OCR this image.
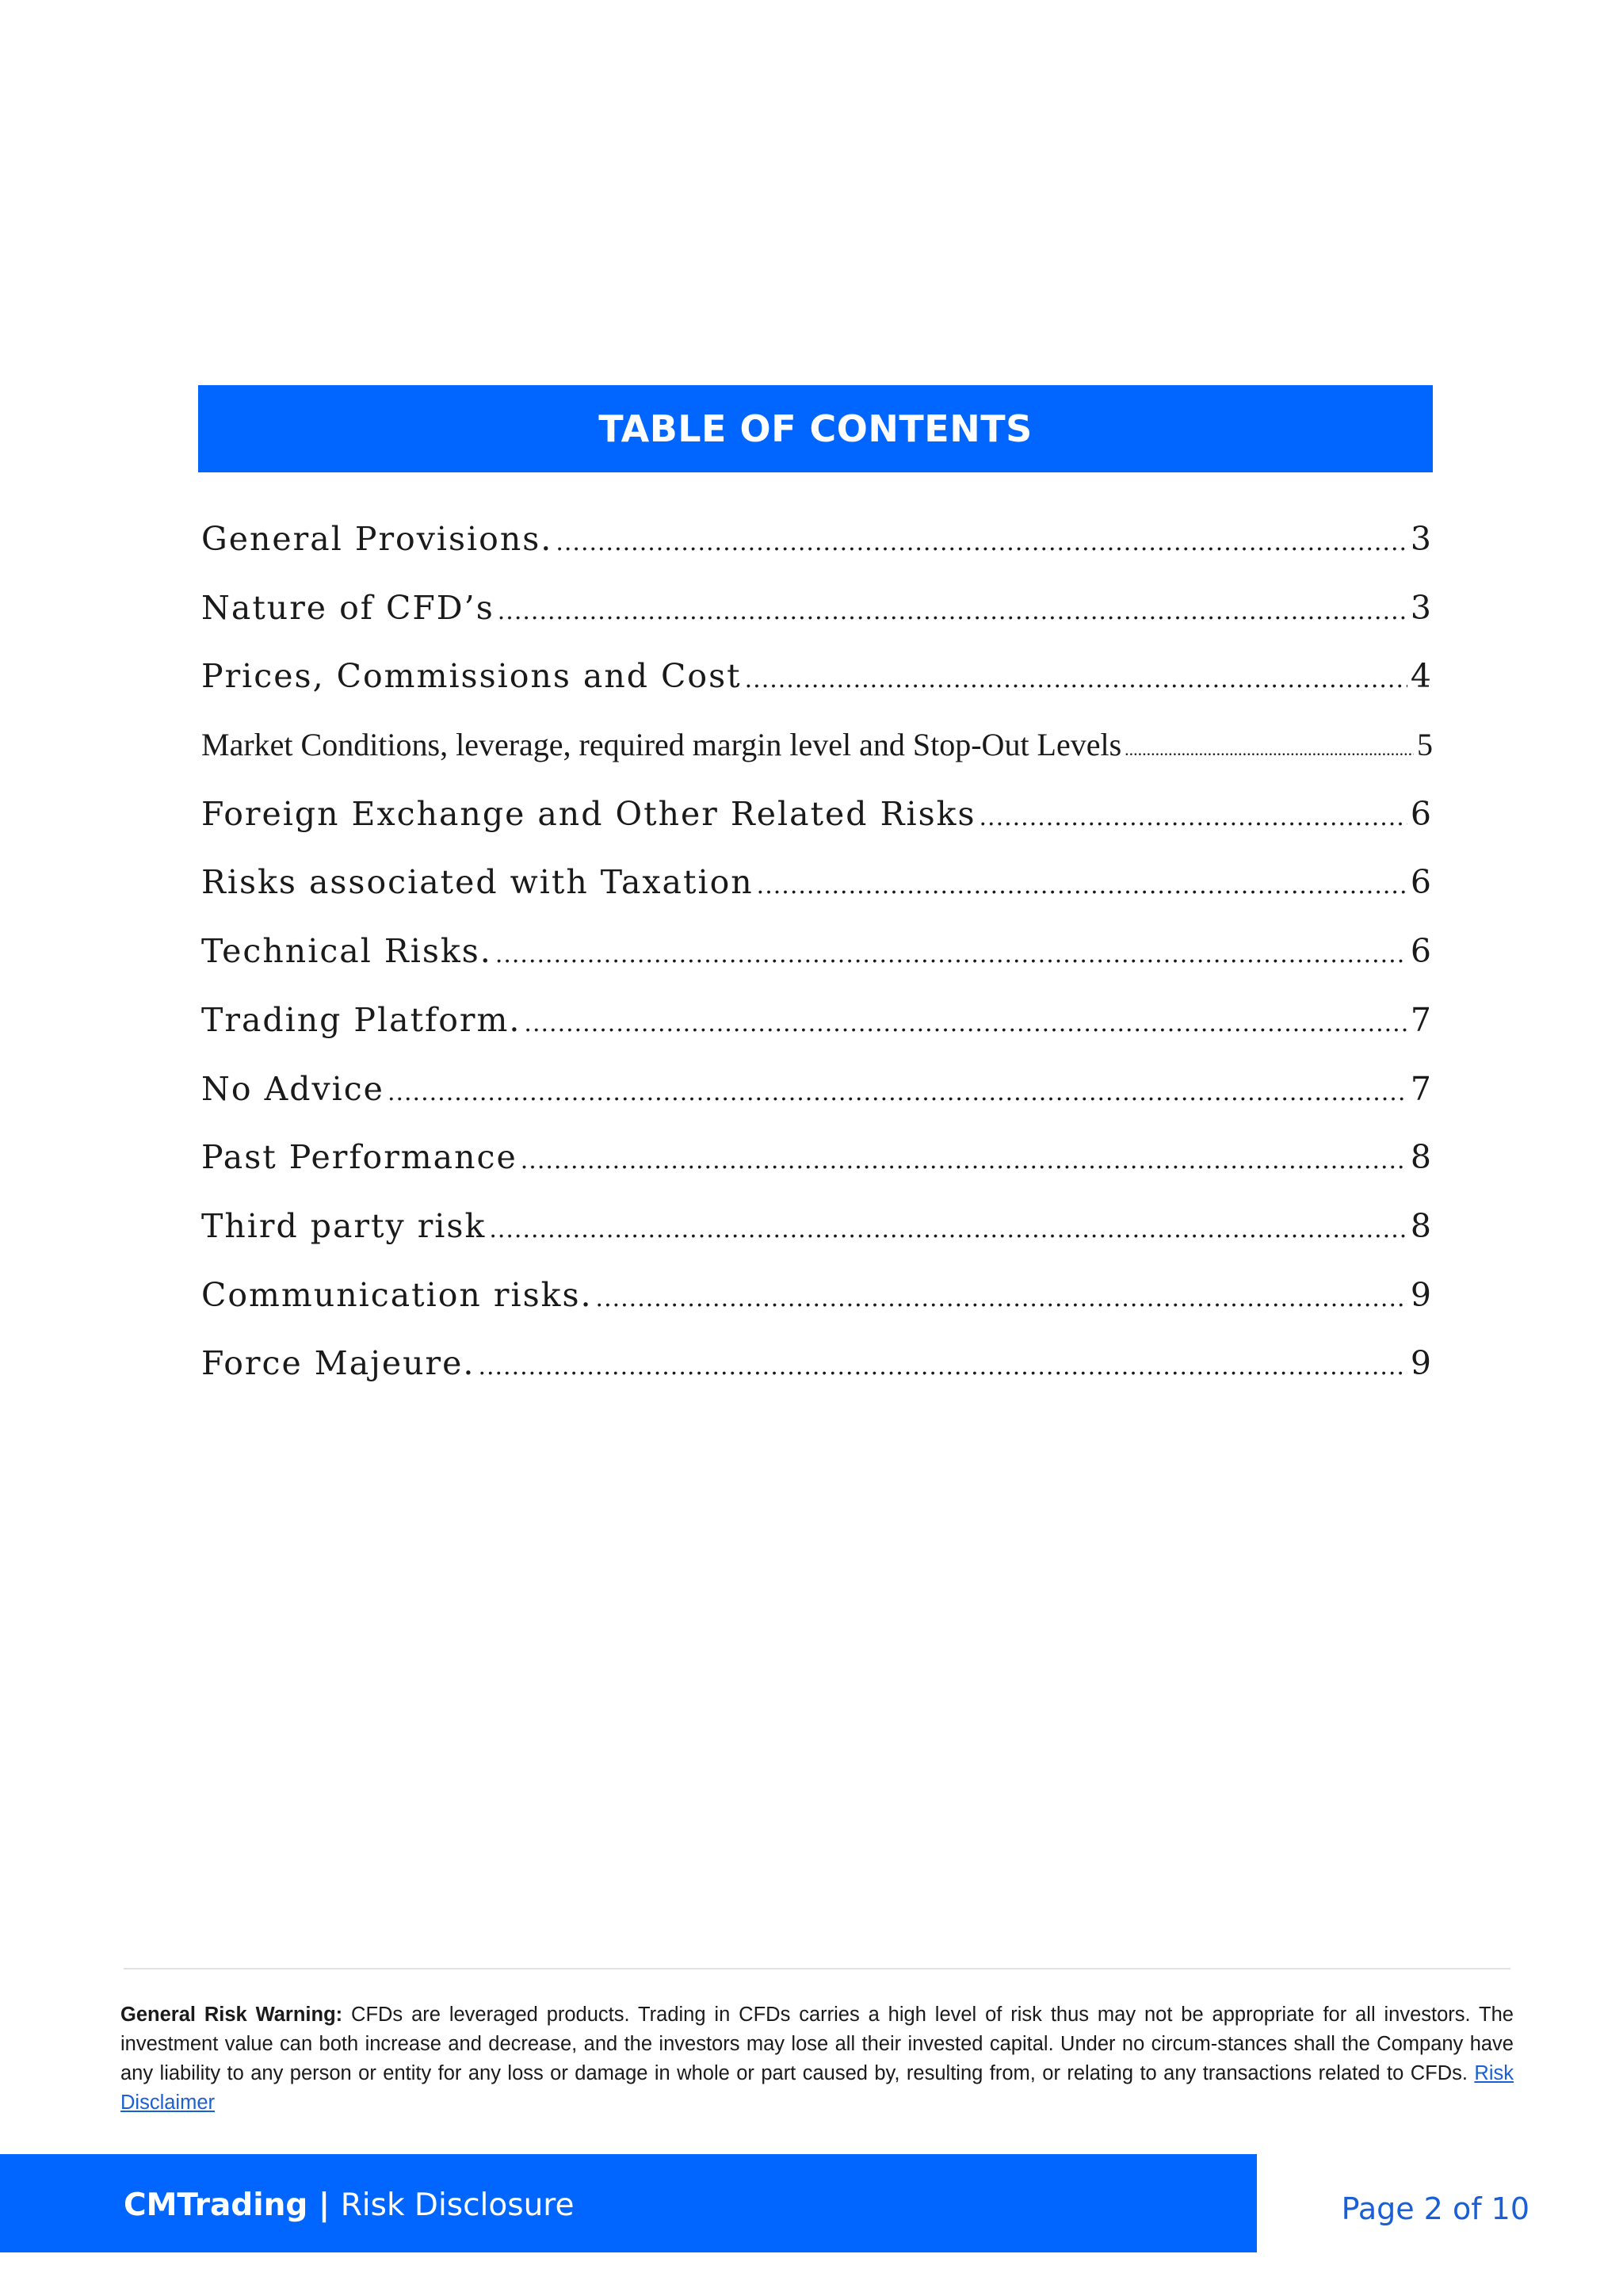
TABLE OF CONTENTS
General Provisions. .....	3
Nature of CFD’s .....	3
Prices, Commissions and Cost .....	4
Market Conditions, leverage, required margin level and Stop-Out Levels .....	5
Foreign Exchange and Other Related Risks .....	6
Risks associated with Taxation .....	6
Technical Risks. .....	6
Trading Platform. .....	7
No Advice .....	7
Past Performance .....	8
Third party risk .....	8
Communication risks. .....	9
Force Majeure. .....	9

General Risk Warning: CFDs are leveraged products. Trading in CFDs carries a high level of risk thus may not be appropriate for all investors. The investment value can both increase and decrease, and the investors may lose all their invested capital. Under no circum-stances shall the Company have any liability to any person or entity for any loss or damage in whole or part caused by, resulting from, or relating to any transactions related to CFDs. Risk Disclaimer

CMTrading | Risk Disclosure	Page 2 of 10
